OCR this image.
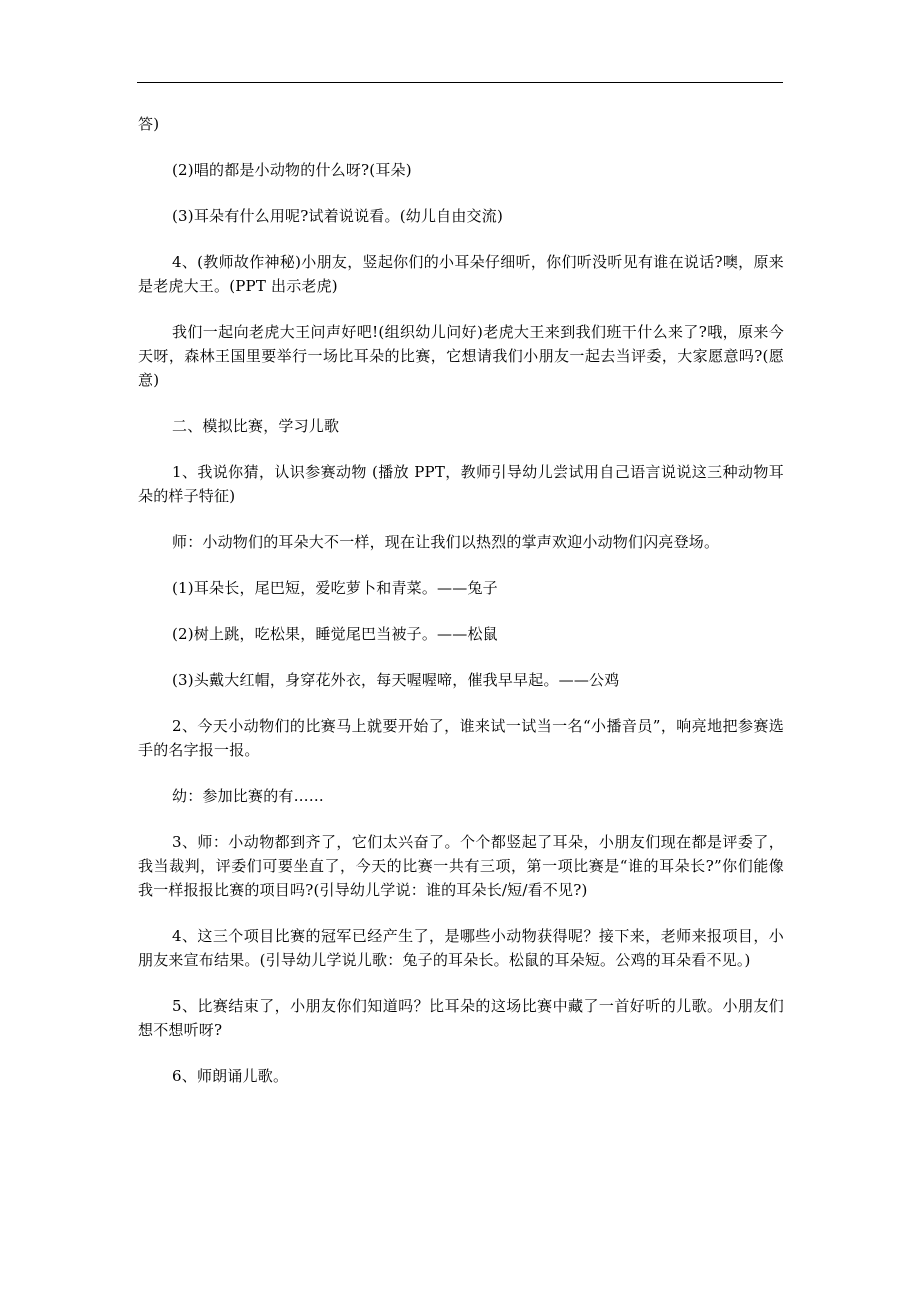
答)

(2)唱的都是小动物的什么呀?(耳朵)

(3)耳朵有什么用呢?试着说说看。(幼儿自由交流)

4、(教师故作神秘)小朋友，竖起你们的小耳朵仔细听，你们听没听见有谁在说话?噢，原来是老虎大王。(PPT 出示老虎)

我们一起向老虎大王问声好吧!(组织幼儿问好)老虎大王来到我们班干什么来了?哦，原来今天呀，森林王国里要举行一场比耳朵的比赛，它想请我们小朋友一起去当评委，大家愿意吗?(愿意)

二、模拟比赛，学习儿歌

1、我说你猜，认识参赛动物 (播放 PPT，教师引导幼儿尝试用自己语言说说这三种动物耳朵的样子特征)

师：小动物们的耳朵大不一样，现在让我们以热烈的掌声欢迎小动物们闪亮登场。

(1)耳朵长，尾巴短，爱吃萝卜和青菜。——兔子

(2)树上跳，吃松果，睡觉尾巴当被子。——松鼠

(3)头戴大红帽，身穿花外衣，每天喔喔啼，催我早早起。——公鸡

2、今天小动物们的比赛马上就要开始了，谁来试一试当一名“小播音员”，响亮地把参赛选手的名字报一报。

幼：参加比赛的有……

3、师：小动物都到齐了，它们太兴奋了。个个都竖起了耳朵，小朋友们现在都是评委了，我当裁判，评委们可要坐直了，今天的比赛一共有三项，第一项比赛是“谁的耳朵长?”你们能像我一样报报比赛的项目吗?(引导幼儿学说：谁的耳朵长/短/看不见?)

4、这三个项目比赛的冠军已经产生了，是哪些小动物获得呢？接下来，老师来报项目，小朋友来宣布结果。(引导幼儿学说儿歌：兔子的耳朵长。松鼠的耳朵短。公鸡的耳朵看不见。)

5、比赛结束了，小朋友你们知道吗？比耳朵的这场比赛中藏了一首好听的儿歌。小朋友们想不想听呀?

6、师朗诵儿歌。
